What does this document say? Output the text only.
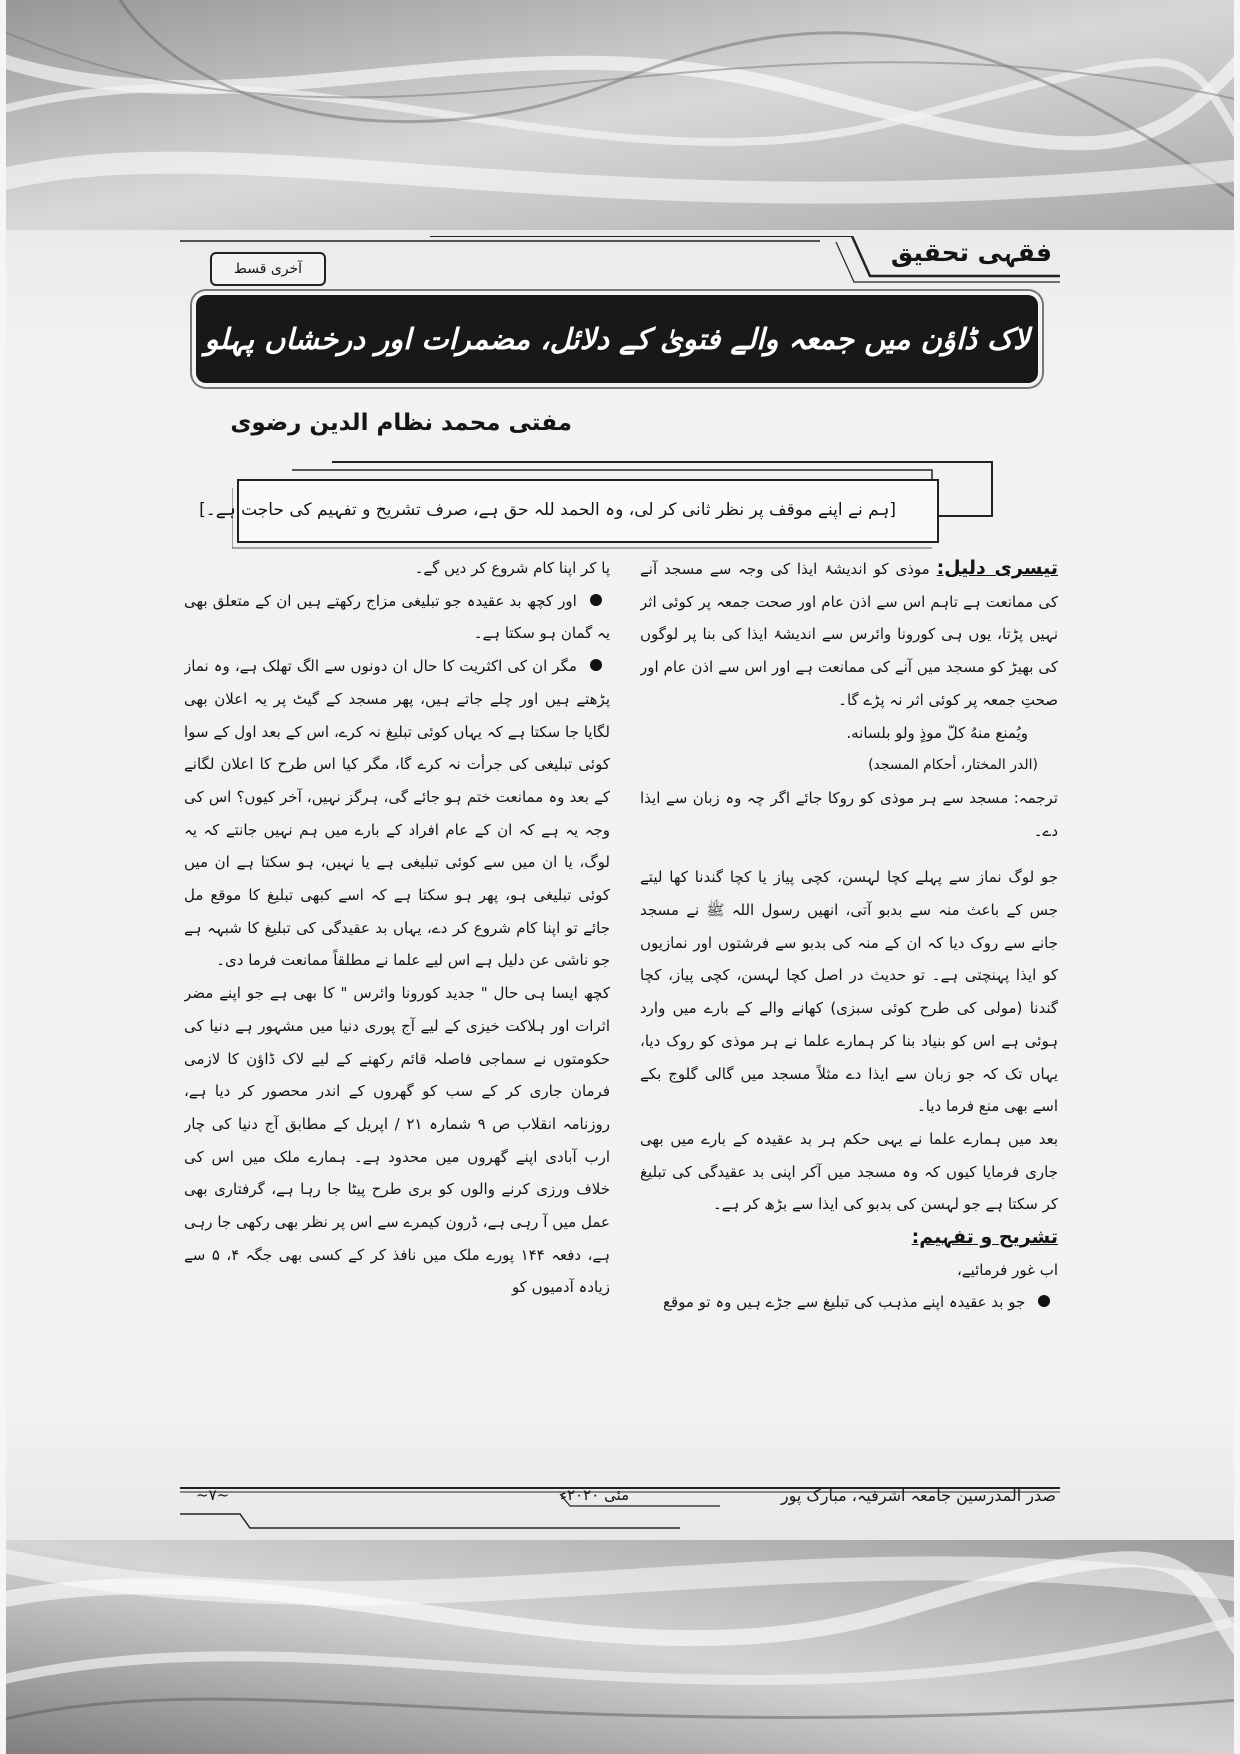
فقہی تحقیق
آخری قسط
لاک ڈاؤن میں جمعہ والے فتویٰ کے دلائل، مضمرات اور درخشاں پہلو
مفتی محمد نظام الدین رضوی
[ہم نے اپنے موقف پر نظر ثانی کر لی، وہ الحمد للہ حق ہے، صرف تشریح و تفہیم کی حاجت ہے۔]

تیسری دلیل: موذی کو اندیشۂ ایذا کی وجہ سے مسجد آنے کی ممانعت ہے تاہم اس سے اذن عام اور صحت جمعہ پر کوئی اثر نہیں پڑتا، یوں ہی کورونا وائرس سے اندیشۂ ایذا کی بنا پر لوگوں کی بھیڑ کو مسجد میں آنے کی ممانعت ہے اور اس سے اذن عام اور صحتِ جمعہ پر کوئی اثر نہ پڑے گا۔

ویُمنع منهُ کلّ موذٍ ولو بلسانه.

(الدر المختار، أحكام المسجد)

ترجمہ: مسجد سے ہر موذی کو روکا جائے اگر چہ وہ زبان سے ایذا دے۔

جو لوگ نماز سے پہلے کچا لہسن، کچی پیاز یا کچا گندنا کھا لیتے جس کے باعث منہ سے بدبو آتی، انھیں رسول اللہ ﷺ نے مسجد جانے سے روک دیا کہ ان کے منہ کی بدبو سے فرشتوں اور نمازیوں کو ایذا پہنچتی ہے۔ تو حدیث در اصل کچا لہسن، کچی پیاز، کچا گندنا (مولی کی طرح کوئی سبزی) کھانے والے کے بارے میں وارد ہوئی ہے اس کو بنیاد بنا کر ہمارے علما نے ہر موذی کو روک دیا، یہاں تک کہ جو زبان سے ایذا دے مثلاً مسجد میں گالی گلوج بکے اسے بھی منع فرما دیا۔

بعد میں ہمارے علما نے یہی حکم ہر بد عقیدہ کے بارے میں بھی جاری فرمایا کیوں کہ وہ مسجد میں آکر اپنی بد عقیدگی کی تبلیغ کر سکتا ہے جو لہسن کی بدبو کی ایذا سے بڑھ کر ہے۔

تشریح و تفہیم:

اب غور فرمائیے،

جو بد عقیدہ اپنے مذہب کی تبلیغ سے جڑے ہیں وہ تو موقع

پا کر اپنا کام شروع کر دیں گے۔

اور کچھ بد عقیدہ جو تبلیغی مزاج رکھتے ہیں ان کے متعلق بھی یہ گمان ہو سکتا ہے۔

مگر ان کی اکثریت کا حال ان دونوں سے الگ تھلک ہے، وہ نماز پڑھتے ہیں اور چلے جاتے ہیں، پھر مسجد کے گیٹ پر یہ اعلان بھی لگایا جا سکتا ہے کہ یہاں کوئی تبلیغ نہ کرے، اس کے بعد اول کے سوا کوئی تبلیغی کی جرأت نہ کرے گا، مگر کیا اس طرح کا اعلان لگانے کے بعد وہ ممانعت ختم ہو جائے گی، ہرگز نہیں، آخر کیوں؟ اس کی وجہ یہ ہے کہ ان کے عام افراد کے بارے میں ہم نہیں جانتے کہ یہ لوگ، یا ان میں سے کوئی تبلیغی ہے یا نہیں، ہو سکتا ہے ان میں کوئی تبلیغی ہو، پھر ہو سکتا ہے کہ اسے کبھی تبلیغ کا موقع مل جائے تو اپنا کام شروع کر دے، یہاں بد عقیدگی کی تبلیغ کا شبہہ ہے جو ناشی عن دلیل ہے اس لیے علما نے مطلقاً ممانعت فرما دی۔

کچھ ایسا ہی حال " جدید کورونا وائرس " کا بھی ہے جو اپنے مضر اثرات اور ہلاکت خیزی کے لیے آج پوری دنیا میں مشہور ہے دنیا کی حکومتوں نے سماجی فاصلہ قائم رکھنے کے لیے لاک ڈاؤن کا لازمی فرمان جاری کر کے سب کو گھروں کے اندر محصور کر دیا ہے، روزنامہ انقلاب ص ۹ شمارہ ۲۱ / اپریل کے مطابق آج دنیا کی چار ارب آبادی اپنے گھروں میں محدود ہے۔ ہمارے ملک میں اس کی خلاف ورزی کرنے والوں کو بری طرح پیٹا جا رہا ہے، گرفتاری بھی عمل میں آ رہی ہے، ڈرون کیمرے سے اس پر نظر بھی رکھی جا رہی ہے، دفعہ ۱۴۴ پورے ملک میں نافذ کر کے کسی بھی جگہ ۴، ۵ سے زیادہ آدمیوں کو

صدر المدرسین جامعہ اشرفیہ، مبارک پور
مئی ۲۰۲۰ء
~۷~
